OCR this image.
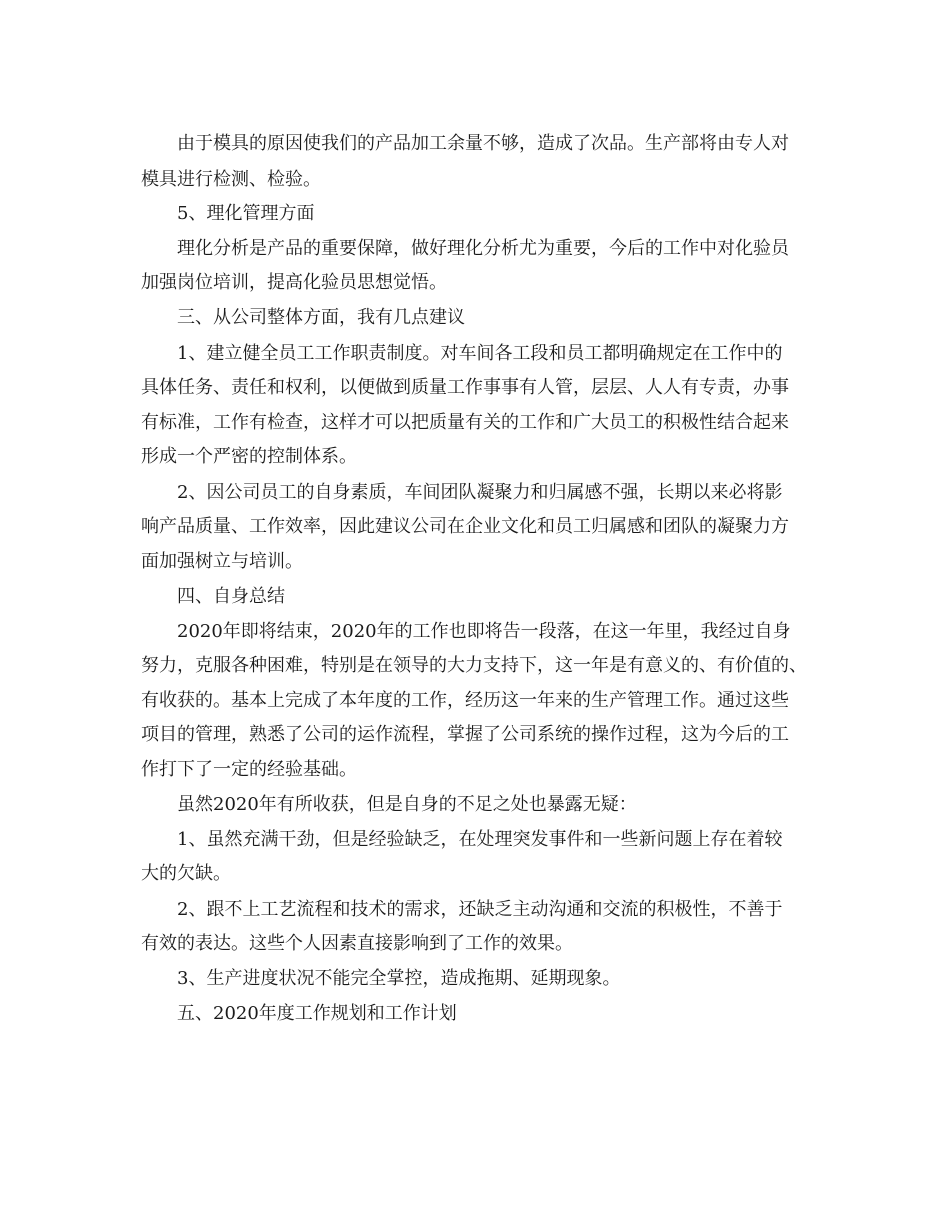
由于模具的原因使我们的产品加工余量不够，造成了次品。生产部将由专人对
模具进行检测、检验。
5、理化管理方面
理化分析是产品的重要保障，做好理化分析尤为重要，今后的工作中对化验员
加强岗位培训，提高化验员思想觉悟。
三、从公司整体方面，我有几点建议
1、建立健全员工工作职责制度。对车间各工段和员工都明确规定在工作中的
具体任务、责任和权利，以便做到质量工作事事有人管，层层、人人有专责，办事
有标准，工作有检查，这样才可以把质量有关的工作和广大员工的积极性结合起来
形成一个严密的控制体系。
2、因公司员工的自身素质，车间团队凝聚力和归属感不强，长期以来必将影
响产品质量、工作效率，因此建议公司在企业文化和员工归属感和团队的凝聚力方
面加强树立与培训。
四、自身总结
2020年即将结束，2020年的工作也即将告一段落，在这一年里，我经过自身
努力，克服各种困难，特别是在领导的大力支持下，这一年是有意义的、有价值的、
有收获的。基本上完成了本年度的工作，经历这一年来的生产管理工作。通过这些
项目的管理，熟悉了公司的运作流程，掌握了公司系统的操作过程，这为今后的工
作打下了一定的经验基础。
虽然2020年有所收获，但是自身的不足之处也暴露无疑：
1、虽然充满干劲，但是经验缺乏，在处理突发事件和一些新问题上存在着较
大的欠缺。
2、跟不上工艺流程和技术的需求，还缺乏主动沟通和交流的积极性，不善于
有效的表达。这些个人因素直接影响到了工作的效果。
3、生产进度状况不能完全掌控，造成拖期、延期现象。
五、2020年度工作规划和工作计划
